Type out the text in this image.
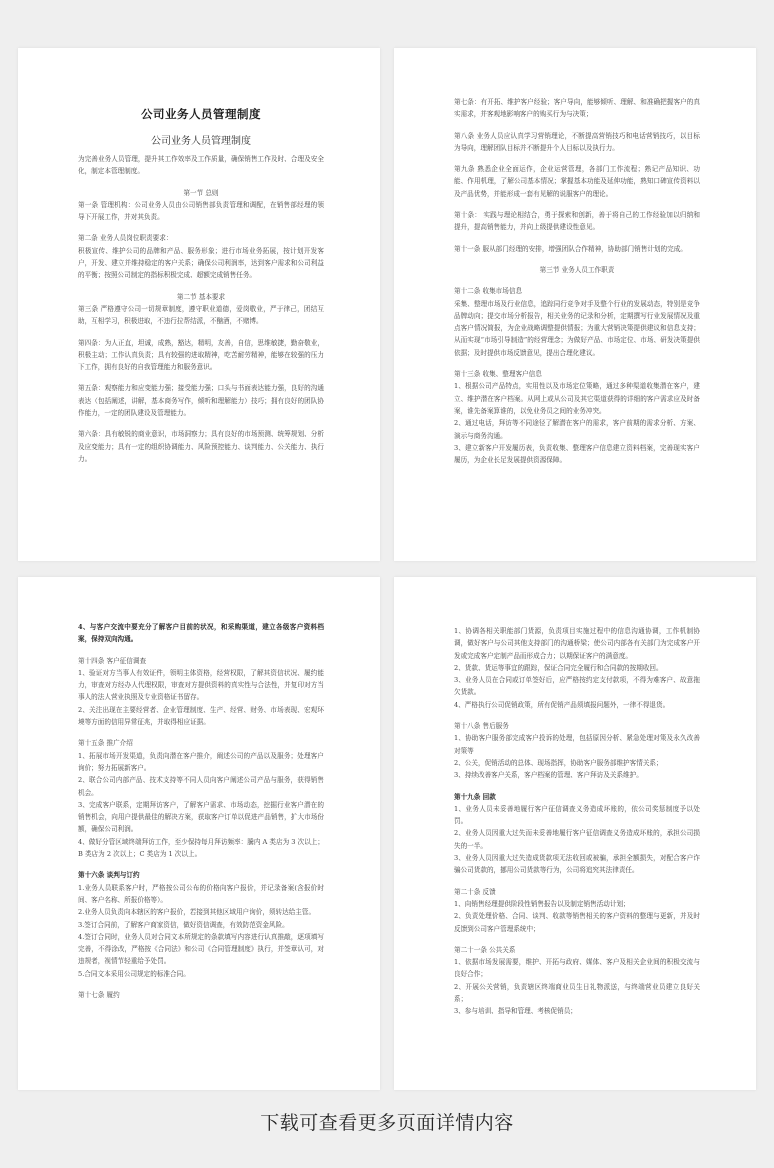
公司业务人员管理制度
公司业务人员管理制度
为完善业务人员管理，提升其工作效率及工作质量，确保销售工作及时、合理及安全化，制定本管理制度。
第一节 总则
第一条 管理机构：公司业务人员由公司销售部负责管理和调配，在销售部经理的领导下开展工作，并对其负责。
第二条 业务人员岗位职责要求：
积极宣传、维护公司的品牌和产品、服务形象；进行市场业务拓展，按计划开发客户，开发、建立并维持稳定的客户关系；确保公司利润率，达到客户需求和公司利益的平衡；按照公司制定的指标积极完成、超额完成销售任务。
第二节 基本要求
第三条 严格遵守公司一切规章制度，遵守职业道德，爱岗敬业，严于律己，团结互助，互相学习，积极进取，不违行拉帮结派，不酗酒，不赌博。
第四条：为人正直，坦诚，成熟，豁达，精明，友善，自信，思维敏捷，勤奋敬业，积极主动；工作认真负责；具有较强的进取精神，吃苦耐劳精神，能够在较强的压力下工作，拥有良好的自我管理能力和服务意识。
第五条：观察能力和应变能力强；接受能力强；口头与书面表达能力强，良好的沟通表达（包括阐述，讲解，基本商务写作，倾听和理解能力）技巧；拥有良好的团队协作能力，一定的团队建设及管理能力。
第六条：具有敏锐的商业意识，市场洞察力；具有良好的市场预测、统筹规划、分析及应变能力；具有一定的组织协调能力、风险预控能力、谈判能力、公关能力、执行力。
第七条：有开拓、维护客户经验；客户导向，能够倾听、理解、和准确把握客户的真实需求，并客观地影响客户的购买行为与决策；
第八条 业务人员应认真学习营销理论，不断提高营销技巧和电话营销技巧，以目标为导向，理解团队目标并不断提升个人目标以及执行力。
第九条 熟悉企业全面运作，企业运营管理，各部门工作流程；熟记产品知识、功能、作用机理，了解公司基本情况；掌握基本功能及延伸功能，熟知口碑宣传资料以及产品优势，并能形成一套有见解的说服客户的理论。
第十条： 实践与理论相结合，勇于探索和创新，善于将自己的工作经验加以归纳和提升，提高销售能力，并向上级提供建设性意见。
第十一条 服从部门经理的安排，增强团队合作精神，协助部门销售计划的完成。
第三节 业务人员工作职责
第十二条 收集市场信息
采集、整理市场及行业信息，追踪同行竞争对手及整个行业的发展动态，特别是竞争品牌动向；提交市场分析报告，相关业务的记录和分析，定期撰写行业发展情况及重点客户情况简报，为企业战略调整提供情报；为重大营销决策提供建议和信息支持；从而实现“市场引导制造”的经营理念；为做好产品、市场定位、市场、研发决策提供依据；及时提供市场反馈意见，提出合理化建议。
第十三条 收集、整理客户信息
1、根据公司产品特点，实用性以及市场定位策略，通过多种渠道收集潜在客户，建立、维护潜在客户档案。从网上或从公司及其它渠道获得的详细的客户需求应及时备案，谁先备案算谁的，以免业务员之间的业务冲突。
2、通过电话，拜访等不同途径了解潜在客户的需求，客户前期的需求分析、方案、演示与商务沟通。
3、建立新客户开发履历表，负责收集、整理客户信息建立资料档案，完善现实客户履历，为企业长足发展提供资源保障。
4、与客户交流中要充分了解客户目前的状况，和采购渠道，建立各级客户资料档案，保持双向沟通。
第十四条 客户征信调查
1、验证对方当事人有效证件，领明主体资格，经营权限，了解其资信状况、履约能力，审查对方经办人代理权限，审查对方提供资料的真实性与合法性，并复印对方当事人的法人营业执照及专业资格证书留存。
2、关注出现在主要经营者、企业管理制度、生产、经营、财务、市场表现、宏观环境等方面的信用异常征兆，并取得相应证据。
第十五条 推广介绍
1、拓展市场开发渠道，负责向潜在客户推介，阐述公司的产品以及服务；处理客户询价；努力拓展新客户。
2、联合公司内部产品、技术支持等不同人员向客户阐述公司产品与服务，获得销售机会。
3、完成客户联系，定期拜访客户，了解客户需求、市场动态，挖掘行业客户潜在的销售机会，向用户提供最佳的解决方案，获取客户订单以促进产品销售，扩大市场份额，确保公司利润。
4、做好分管区域终端拜访工作，至少保持每月拜访频率：騰内 A 类店为 3 次以上；B 类店为 2 次以上；C 类店为 1 次以上。
第十六条 谈判与订约
1.业务人员联系客户时，严格按公司公布的价格向客户报价，并记录备案(含报价时间、客户名称、所报价格等）。
2.业务人员负责向本辖区的客户报价，若接到其他区域用户询价，须转达给主管。
3.签订合同前，了解客户商家资信，做好资信调查，有效防范资金风险。
4.签订合同时，业务人员对合同文本所规定的条款填写内容进行认真推敲，逐项填写完善，不得涂改，严格按《合同法》和公司《合同管理制度》执行，并签章认可，对违规者，视情节轻重给予处罚。
5.合同文本采用公司规定的标准合同。
第十七条 履约
1、协调各相关职能部门货源，负责项目实施过程中的信息沟通协调，工作机制协调，做好客户与公司其他支持部门的沟通桥梁；使公司内部各有关部门为完成客户开发或完成客户定制产品而形成合力；以期保证客户的满意度。
2、货款、货运等事宜的跟踪，保证合同完全履行和合同款的按期收回。
3、业务人员在合同或订单签好后，应严格按约定支付款项，不得为难客户、故意拖欠货款。
4、严格执行公司促销政策，所有促销产品须填报问题外，一律不得退货。
第十八条 售后服务
1、协助客户服务部完成客户投诉的处理，包括原因分析、紧急处理对策及永久改善对策等
2、公关，促销活动的总体、现场指挥，协助客户服务部维护客情关系；
3、持续改善客户关系，客户档案的管理、客户拜访及关系维护。
第十九条 回款
1、业务人员未妥善地履行客户征信调查义务造成坏账的，依公司奖惩制度予以处罚。
2、业务人员因重大过失而未妥善地履行客户征信调查义务造成坏账的，承担公司损失的一半。
3、业务人员因重大过失造成货款项无法收回或被骗，承担全额损失，对配合客户诈骗公司货款的，挪用公司货款等行为，公司将追究其法律责任。
第二十条 反馈
1、向销售经理提供阶段性销售报告以及制定销售活动计划；
2、负责处理价格、合同、谈判、收款等销售相关的客户资料的整理与更新，并及时反馈到公司客户管理系统中；
第二十一条 公共关系
1、依据市场发展需要，维护、开拓与政府、媒体、客户及相关企业间的积极交流与良好合作；
2、开展公关营销，负责辖区终端商业员生日礼物派送，与终端营业员建立良好关系；
3、参与培训、指导和管理、考核促销员；
下载可查看更多页面详情内容
